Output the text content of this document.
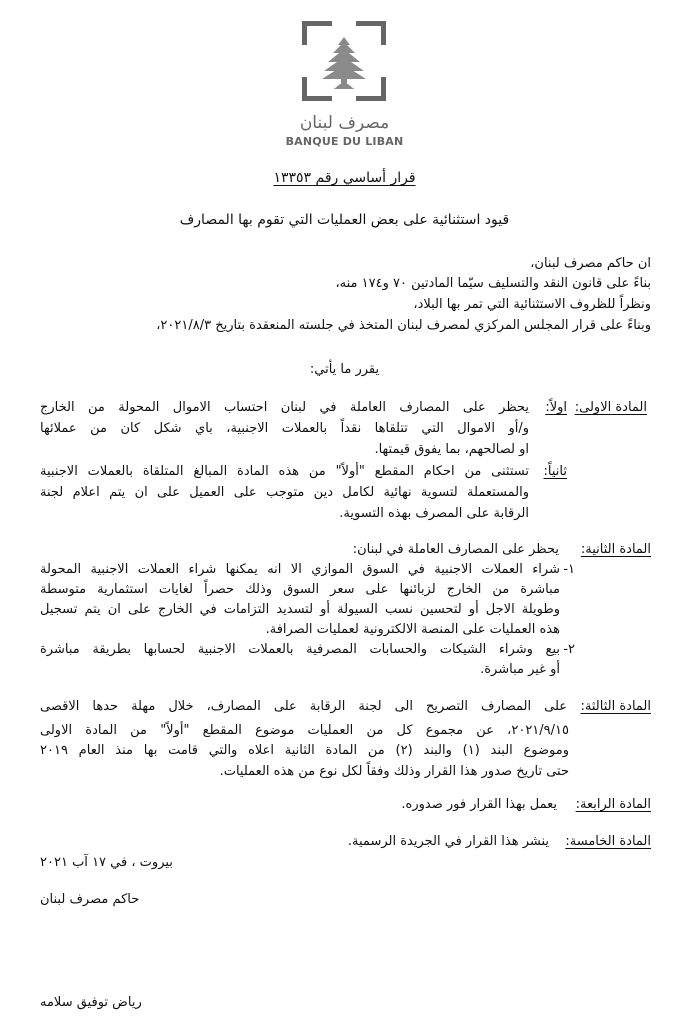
مصرف لبنان
BANQUE DU LIBAN
قرار أساسي رقم ١٣٣٥٣
قيود استثنائية على بعض العمليات التي تقوم بها المصارف
ان حاكم مصرف لبنان،
بناءً على قانون النقد والتسليف سيّما المادتين ٧٠ و١٧٤ منه،
ونظراً للظروف الاستثنائية التي تمر بها البلاد،
وبناءً على قرار المجلس المركزي لمصرف لبنان المتخذ في جلسته المنعقدة بتاريخ ٢٠٢١/٨/٣،
يقرر ما يأتي:
المادة الاولى:
اولاً:
يحظر على المصارف العاملة في لبنان احتساب الاموال المحولة من الخارج
و/أو الاموال التي تتلقاها نقداً بالعملات الاجنبية، باي شكل كان من عملائها
او لصالحهم، بما يفوق قيمتها.
ثانياً:
تستثنى من احكام المقطع "أولاً" من هذه المادة المبالغ المتلقاة بالعملات الاجنبية
والمستعملة لتسوية نهائية لكامل دين متوجب على العميل على ان يتم اعلام لجنة
الرقابة على المصرف بهذه التسوية.
المادة الثانية:
يحظر على المصارف العاملة في لبنان:
١-
شراء العملات الاجنبية في السوق الموازي الا انه يمكنها شراء العملات الاجنبية المحولة
مباشرة من الخارج لزبائنها على سعر السوق وذلك حصراً لغايات استثمارية متوسطة
وطويلة الاجل أو لتحسين نسب السيولة أو لتسديد التزامات في الخارج على ان يتم تسجيل
هذه العمليات على المنصة الالكترونية لعمليات الصرافة.
٢-
بيع وشراء الشيكات والحسابات المصرفية بالعملات الاجنبية لحسابها بطريقة مباشرة
أو غير مباشرة.
المادة الثالثة:
على المصارف التصريح الى لجنة الرقابة على المصارف، خلال مهلة حدها الاقصى
٢٠٢١/٩/١٥، عن مجموع كل من العمليات موضوع المقطع "أولاً" من المادة الاولى
وموضوع البند (١) والبند (٢) من المادة الثانية اعلاه والتي قامت بها منذ العام ٢٠١٩
حتى تاريخ صدور هذا القرار وذلك وفقاً لكل نوع من هذه العمليات.
المادة الرابعة:
يعمل بهذا القرار فور صدوره.
المادة الخامسة:
ينشر هذا القرار في الجريدة الرسمية.
بيروت ، في ١٧ آب ٢٠٢١
حاكم مصرف لبنان
رياض توفيق سلامه
